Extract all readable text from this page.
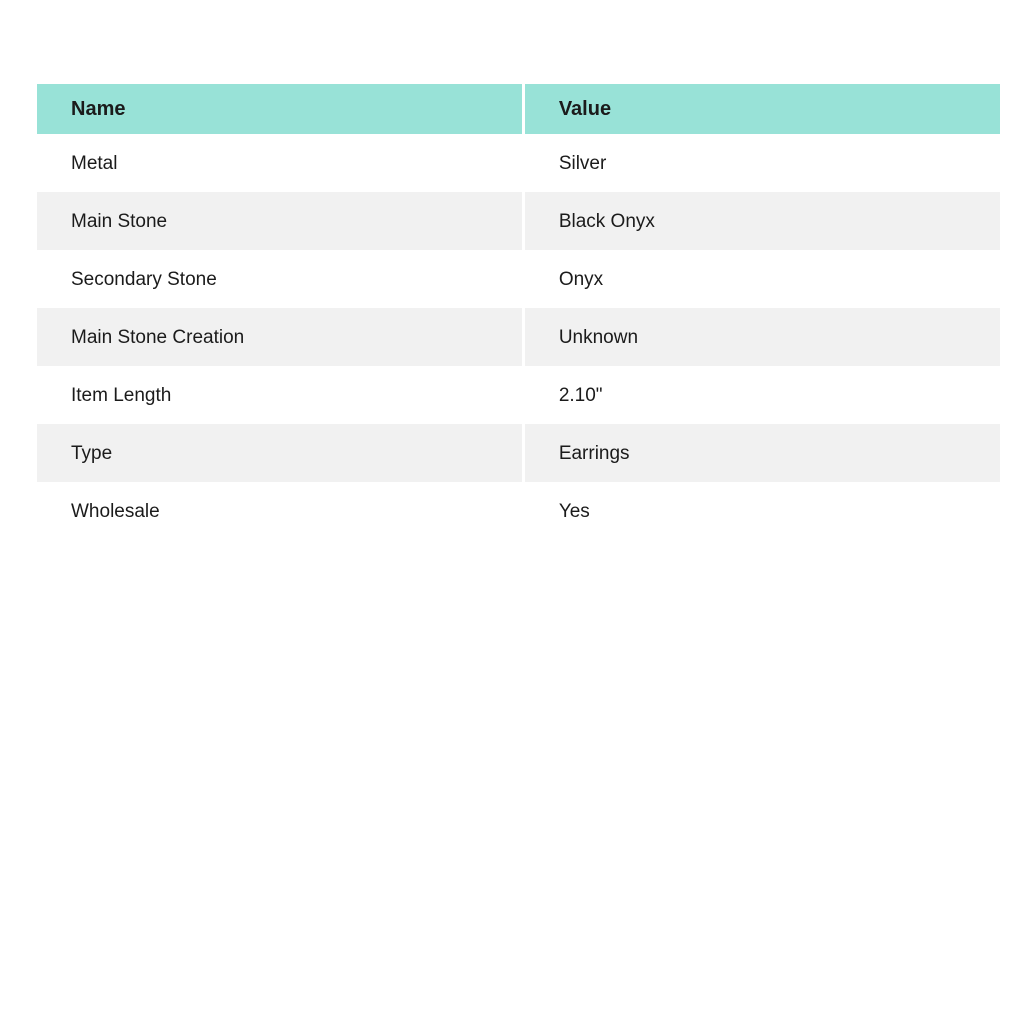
Name	Value
Metal	Silver
Main Stone	Black Onyx
Secondary Stone	Onyx
Main Stone Creation	Unknown
Item Length	2.10"
Type	Earrings
Wholesale	Yes
